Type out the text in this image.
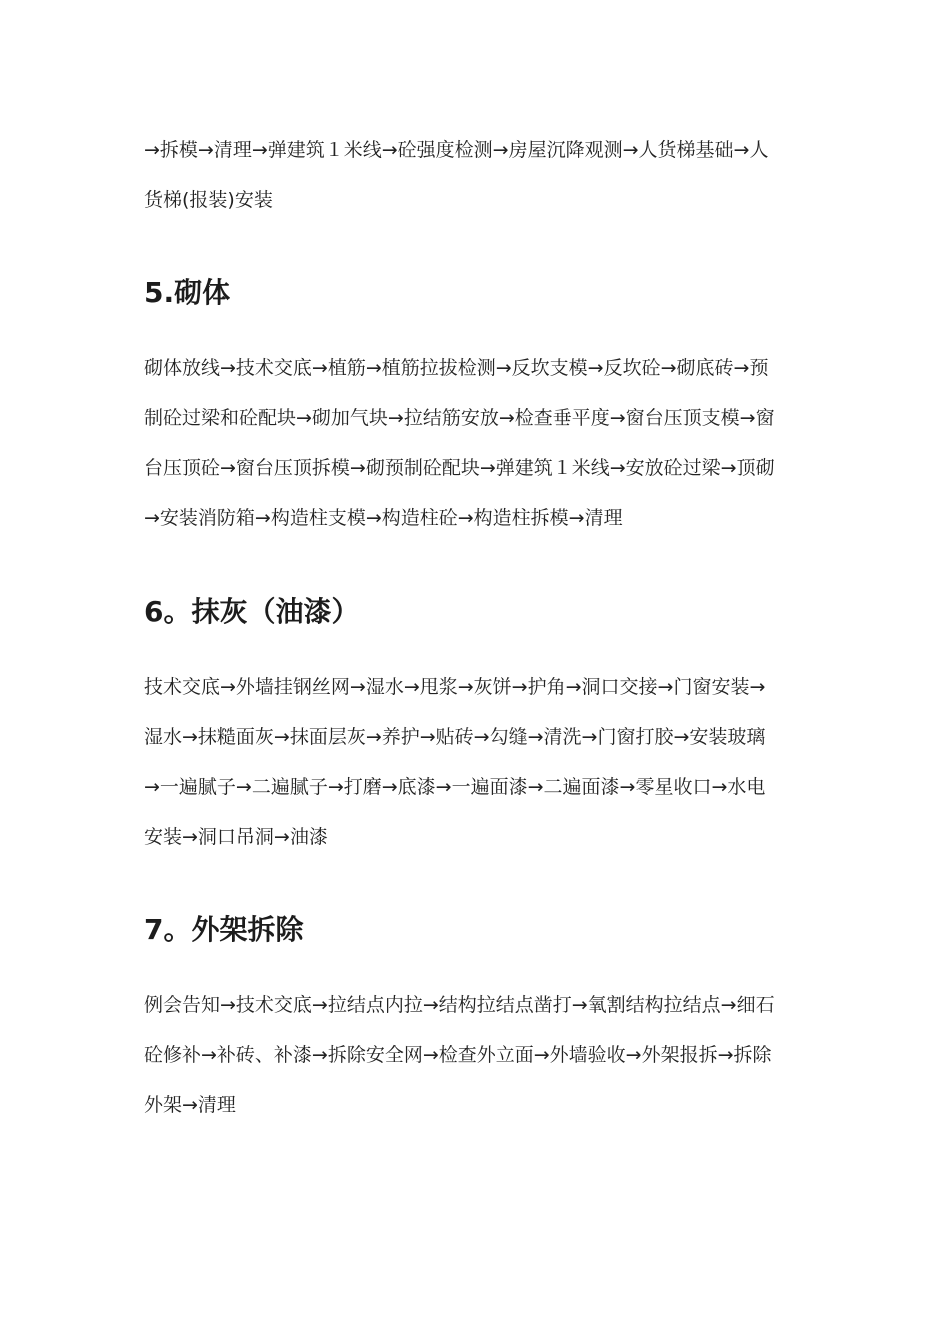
→拆模→清理→弹建筑１米线→砼强度检测→房屋沉降观测→人货梯基础→人

货梯(报装)安装

5.砌体

砌体放线→技术交底→植筋→植筋拉拔检测→反坎支模→反坎砼→砌底砖→预

制砼过梁和砼配块→砌加气块→拉结筋安放→检查垂平度→窗台压顶支模→窗

台压顶砼→窗台压顶拆模→砌预制砼配块→弹建筑１米线→安放砼过梁→顶砌

→安装消防箱→构造柱支模→构造柱砼→构造柱拆模→清理

6。抹灰（油漆）

技术交底→外墙挂钢丝网→湿水→甩浆→灰饼→护角→洞口交接→门窗安装→

湿水→抹糙面灰→抹面层灰→养护→贴砖→勾缝→清洗→门窗打胶→安装玻璃

→一遍腻子→二遍腻子→打磨→底漆→一遍面漆→二遍面漆→零星收口→水电

安装→洞口吊洞→油漆

7。外架拆除

例会告知→技术交底→拉结点内拉→结构拉结点凿打→氧割结构拉结点→细石

砼修补→补砖、补漆→拆除安全网→检查外立面→外墙验收→外架报拆→拆除

外架→清理
